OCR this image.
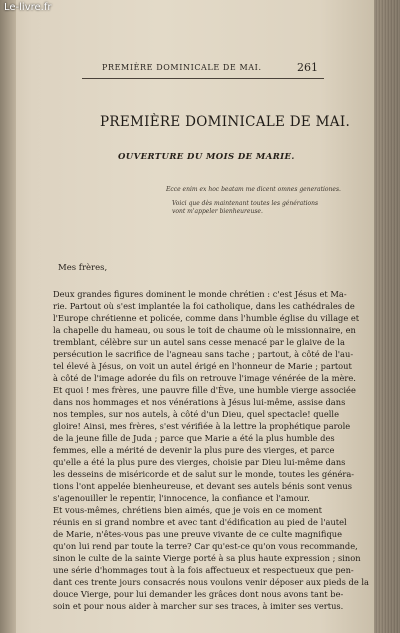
Le-livre.fr
PREMIÈRE DOMINICALE DE MAI.	261
PREMIÈRE DOMINICALE DE MAI.
OUVERTURE DU MOIS DE MARIE.
Ecce enim ex hoc beatam me dicent omnes generationes.
Voici que dès maintenant toutes les générations vont m'appeler bienheureuse.
Mes frères,
Deux grandes figures dominent le monde chrétien : c'est Jésus et Ma-
rie. Partout où s'est implantée la foi catholique, dans les cathédrales de
l'Europe chrétienne et policée, comme dans l'humble église du village et
la chapelle du hameau, ou sous le toit de chaume où le missionnaire, en
tremblant, célèbre sur un autel sans cesse menacé par le glaive de la
persécution le sacrifice de l'agneau sans tache ; partout, à côté de l'au-
tel élevé à Jésus, on voit un autel érigé en l'honneur de Marie ; partout
à côté de l'image adorée du fils on retrouve l'image vénérée de la mère.
Et quoi ! mes frères, une pauvre fille d'Ève, une humble vierge associée
dans nos hommages et nos vénérations à Jésus lui-même, assise dans
nos temples, sur nos autels, à côté d'un Dieu, quel spectacle! quelle
gloire! Ainsi, mes frères, s'est vérifiée à la lettre la prophétique parole
de la jeune fille de Juda ; parce que Marie a été la plus humble des
femmes, elle a mérité de devenir la plus pure des vierges, et parce
qu'elle a été la plus pure des vierges, choisie par Dieu lui-même dans
les desseins de miséricorde et de salut sur le monde, toutes les généra-
tions l'ont appelée bienheureuse, et devant ses autels bénis sont venus
s'agenouiller le repentir, l'innocence, la confiance et l'amour.
Et vous-mêmes, chrétiens bien aimés, que je vois en ce moment
réunis en si grand nombre et avec tant d'édification au pied de l'autel
de Marie, n'êtes-vous pas une preuve vivante de ce culte magnifique
qu'on lui rend par toute la terre? Car qu'est-ce qu'on vous recommande,
sinon le culte de la sainte Vierge porté à sa plus haute expression ; sinon
une série d'hommages tout à la fois affectueux et respectueux que pen-
dant ces trente jours consacrés nous voulons venir déposer aux pieds de la
douce Vierge, pour lui demander les grâces dont nous avons tant be-
soin et pour nous aider à marcher sur ses traces, à imiter ses vertus.
